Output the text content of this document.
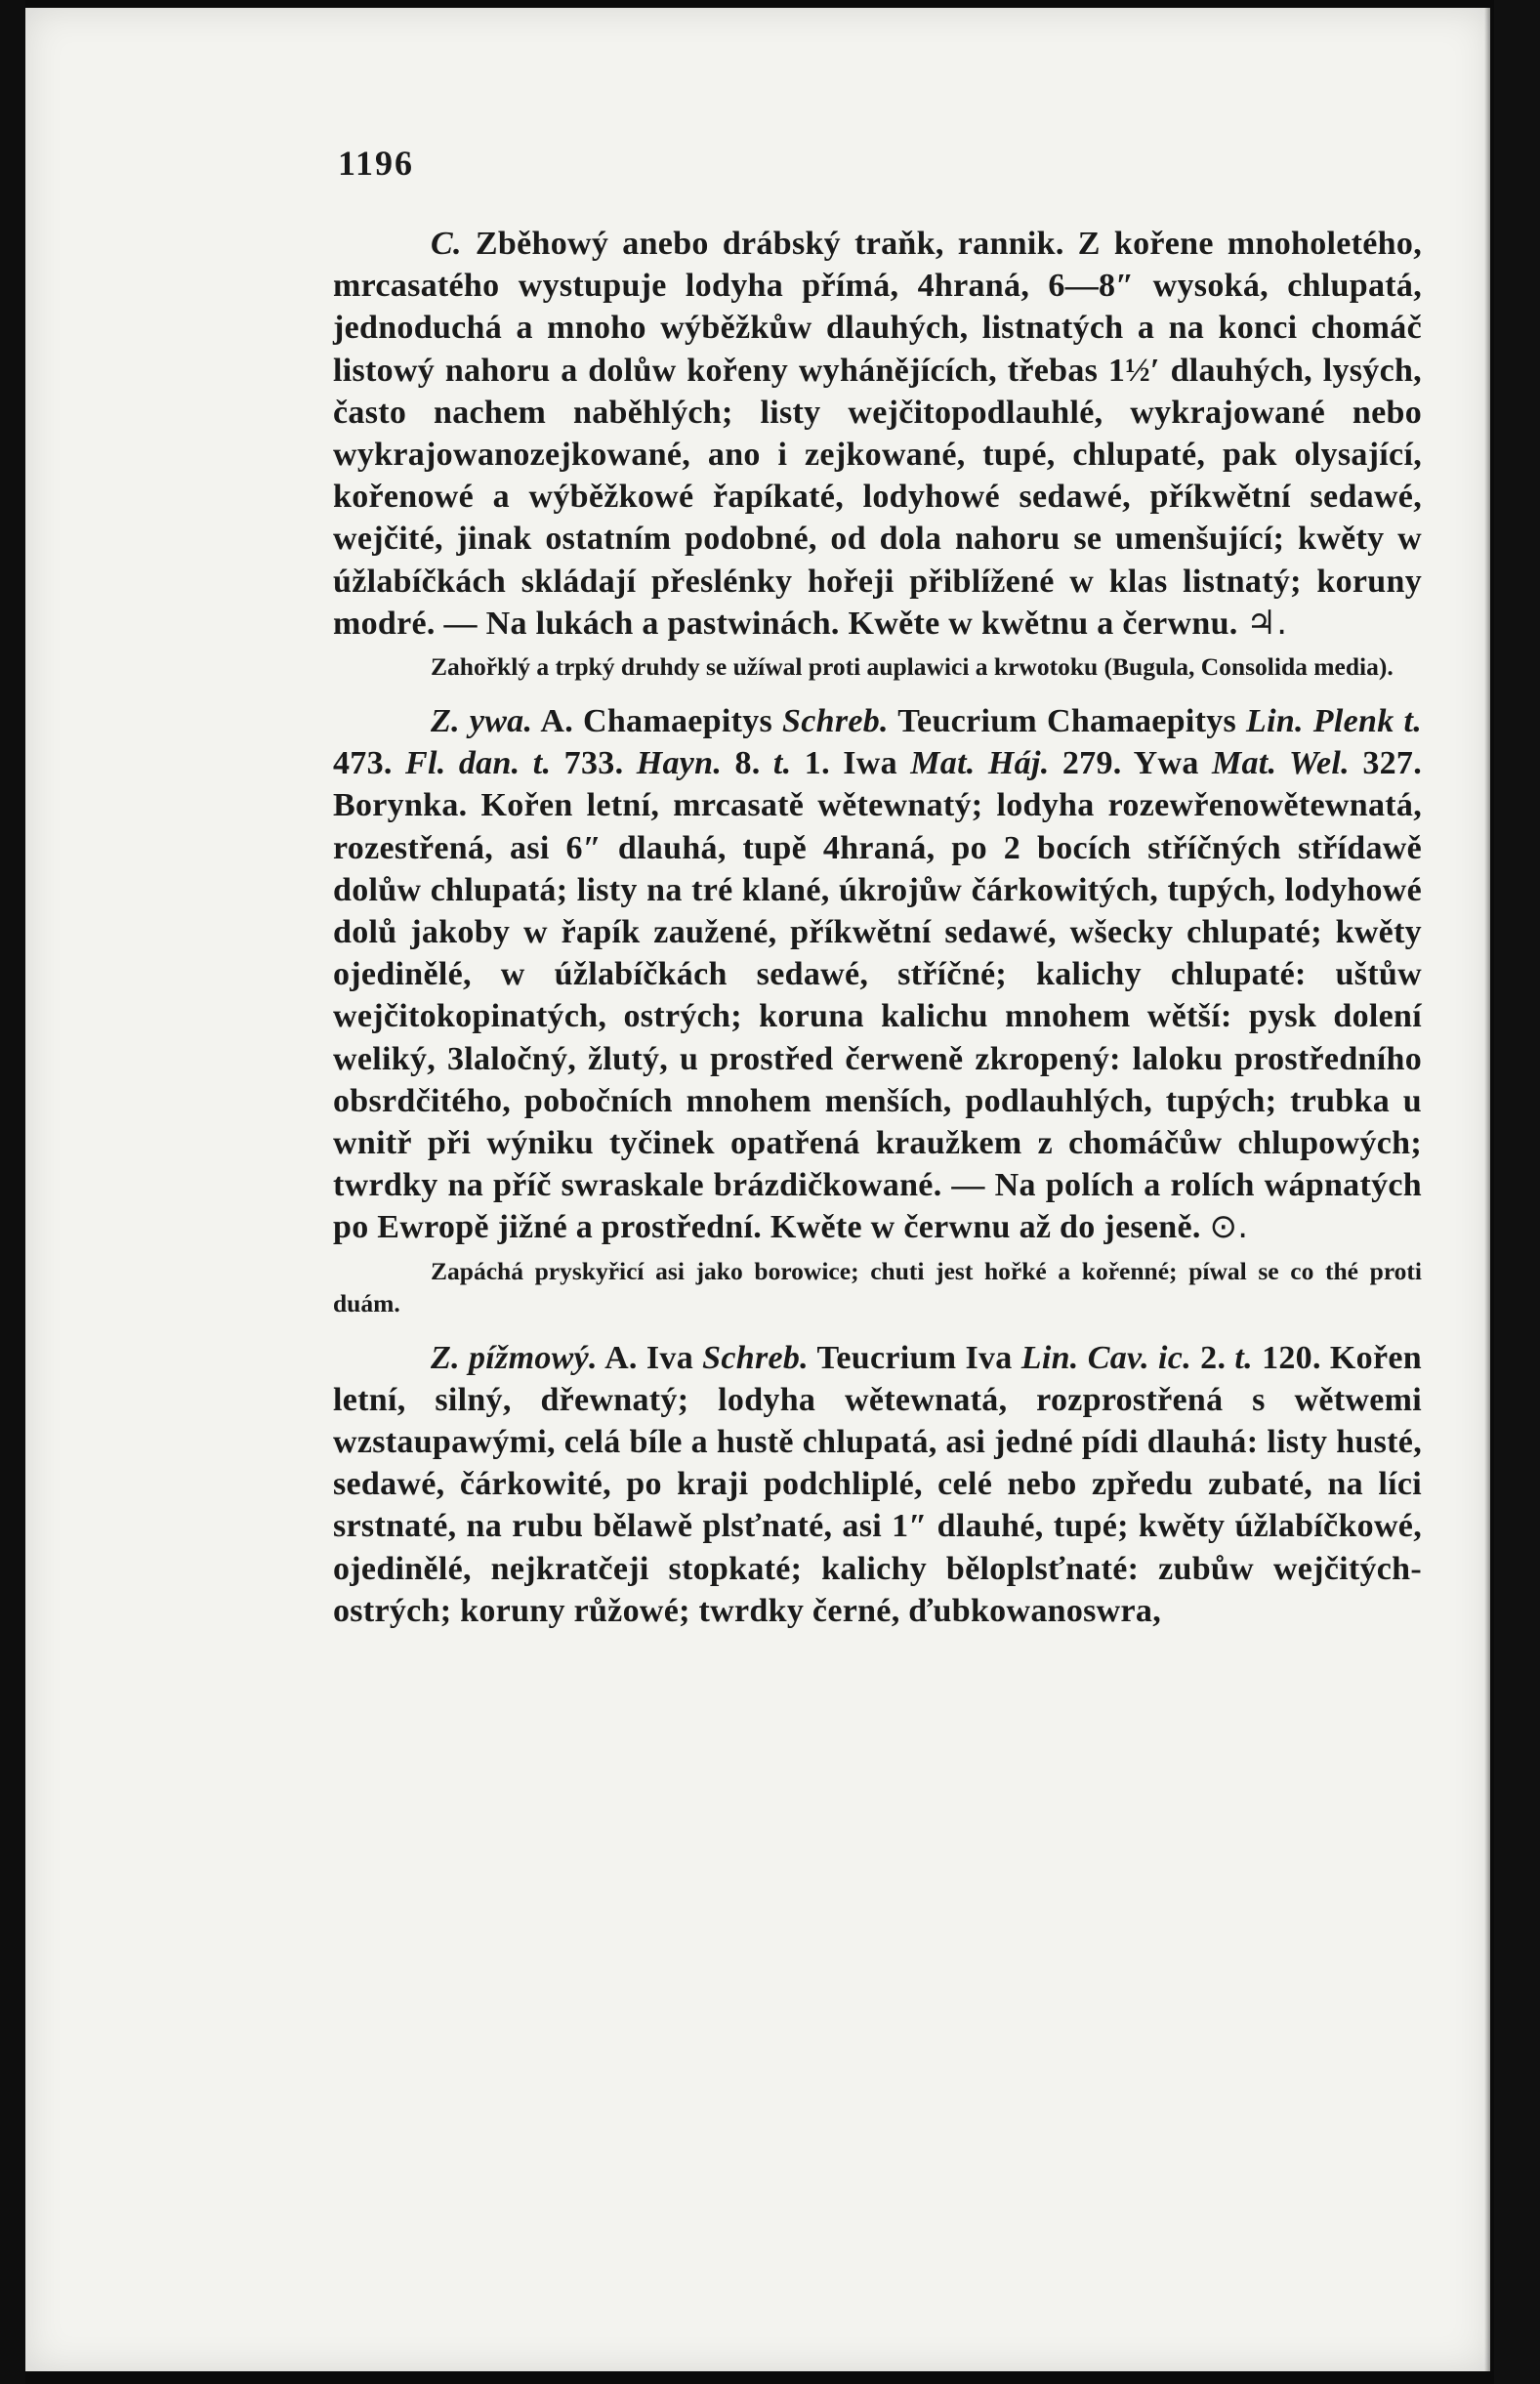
1196

C. Zběhowý anebo drábský traňk, rannik. Z kořene mnoholetého, mrcasatého wystupuje lodyha přímá, 4hraná, 6—8″ wysoká, chlupatá, jednoduchá a mnoho wýběžkůw dlauhých, listnatých a na konci chomáč listowý nahoru a dolůw kořeny wyhánějících, třebas 1½′ dlauhých, lysých, často nachem naběhlých; listy wejčitopodlauhlé, wykrajowané nebo wykrajowanozejkowané, ano i zejkowané, tupé, chlupaté, pak olysající, kořenowé a wýběžkowé řapíkaté, lodyhowé sedawé, příkwětní sedawé, wejčité, jinak ostatním podobné, od dola nahoru se umenšující; kwěty w úžlabíčkách skládají přeslénky hořeji přiblížené w klas listnatý; koruny modré. — Na lukách a pastwinách. Kwěte w kwětnu a čerwnu. ♃.

Zahořklý a trpký druhdy se užíwal proti auplawici a krwotoku (Bugula, Consolida media).

Z. ywa. A. Chamaepitys Schreb. Teucrium Chamaepitys Lin. Plenk t. 473. Fl. dan. t. 733. Hayn. 8. t. 1. Iwa Mat. Háj. 279. Ywa Mat. Wel. 327. Borynka. Kořen letní, mrcasatě wětewnatý; lodyha rozewřenowětewnatá, rozestřená, asi 6″ dlauhá, tupě 4hraná, po 2 bocích stříčných střídawě dolůw chlupatá; listy na tré klané, úkrojůw čárkowitých, tupých, lodyhowé dolů jakoby w řapík zaužené, příkwětní sedawé, wšecky chlupaté; kwěty ojedinělé, w úžlabíčkách sedawé, stříčné; kalichy chlupaté: uštůw wejčitokopinatých, ostrých; koruna kalichu mnohem wětší: pysk dolení weliký, 3laločný, žlutý, u prostřed čerweně zkropený: laloku prostředního obsrdčitého, pobočních mnohem menších, podlauhlých, tupých; trubka u wnitř při wýniku tyčinek opatřená kraužkem z chomáčůw chlupowých; twrdky na příč swraskale brázdičkowané. — Na polích a rolích wápnatých po Ewropě jižné a prostřední. Kwěte w čerwnu až do jeseně. ⊙.

Zapáchá pryskyřicí asi jako borowice; chuti jest hořké a kořenné; píwal se co thé proti duám.

Z. pížmowý. A. Iva Schreb. Teucrium Iva Lin. Cav. ic. 2. t. 120. Kořen letní, silný, dřewnatý; lodyha wětewnatá, rozprostřená s wětwemi wzstaupawými, celá bíle a hustě chlupatá, asi jedné pídi dlauhá: listy husté, sedawé, čárkowité, po kraji podchliplé, celé nebo zpředu zubaté, na líci srstnaté, na rubu bělawě plsťnaté, asi 1″ dlauhé, tupé; kwěty úžlabíčkowé, ojedinělé, nejkratčeji stopkaté; kalichy běloplsťnaté: zubůw wejčitých-ostrých; koruny růžowé; twrdky černé, ďubkowanoswra,
